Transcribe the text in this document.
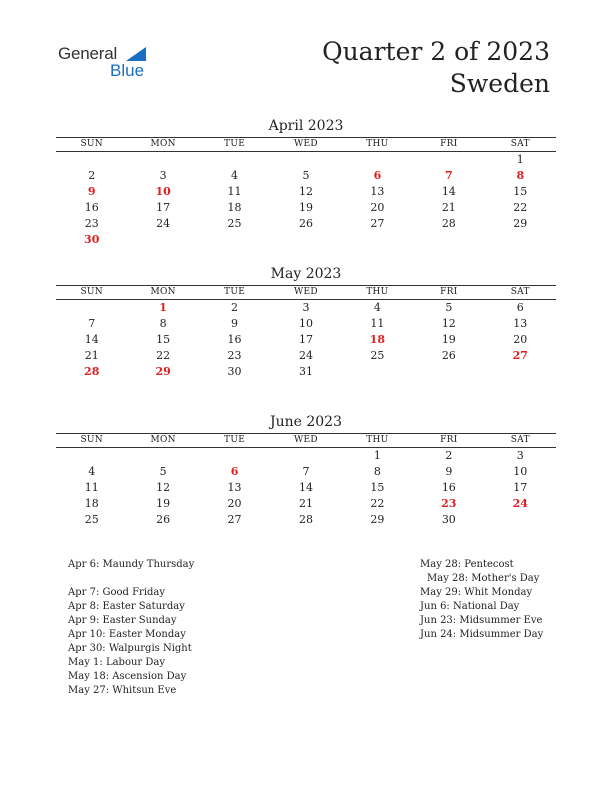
General
Blue
Quarter 2 of 2023
Sweden
April 2023
SUN	MON	TUE	WED	THU	FRI	SAT
						1
2	3	4	5	6	7	8
9	10	11	12	13	14	15
16	17	18	19	20	21	22
23	24	25	26	27	28	29
30						
May 2023
SUN	MON	TUE	WED	THU	FRI	SAT
	1	2	3	4	5	6
7	8	9	10	11	12	13
14	15	16	17	18	19	20
21	22	23	24	25	26	27
28	29	30	31			
June 2023
SUN	MON	TUE	WED	THU	FRI	SAT
				1	2	3
4	5	6	7	8	9	10
11	12	13	14	15	16	17
18	19	20	21	22	23	24
25	26	27	28	29	30	
Apr 6: Maundy Thursday

Apr 7: Good Friday
Apr 8: Easter Saturday
Apr 9: Easter Sunday
Apr 10: Easter Monday
Apr 30: Walpurgis Night
May 1: Labour Day
May 18: Ascension Day
May 27: Whitsun Eve
May 28: Pentecost
May 28: Mother's Day
May 29: Whit Monday
Jun 6: National Day
Jun 23: Midsummer Eve
Jun 24: Midsummer Day
